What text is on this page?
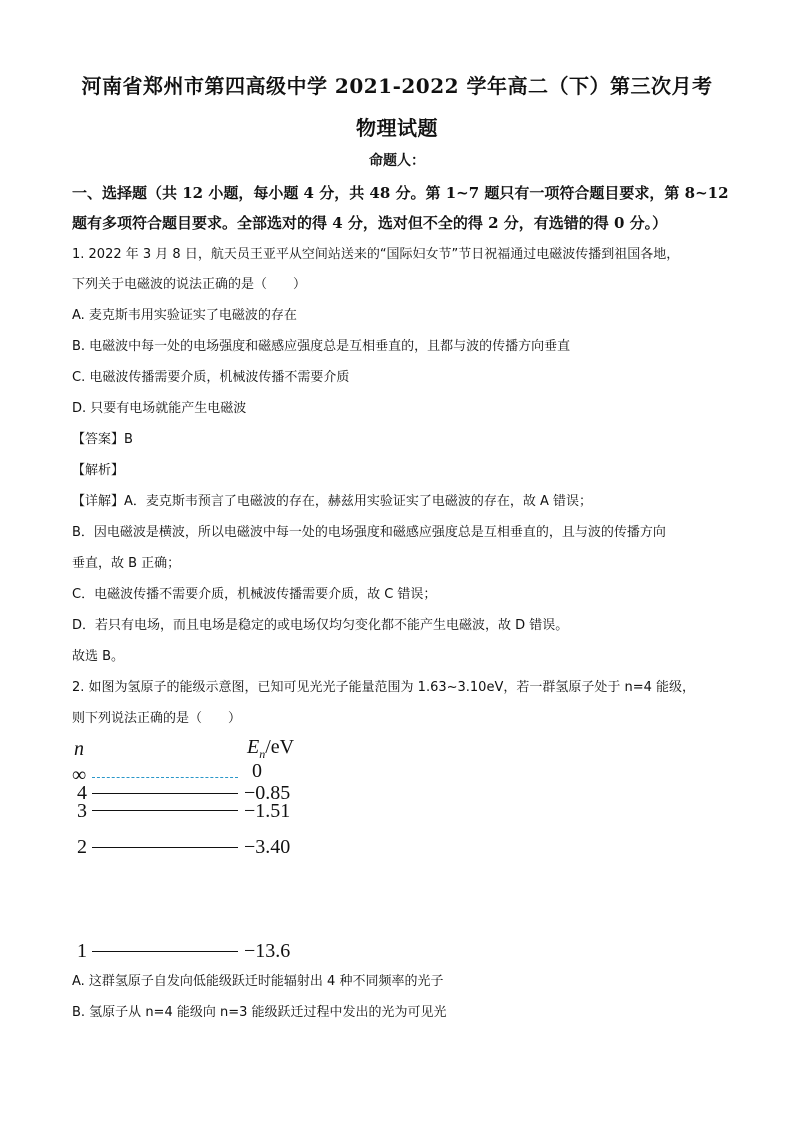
河南省郑州市第四高级中学 2021-2022 学年高二（下）第三次月考
物理试题
命题人：
一、选择题（共 12 小题，每小题 4 分，共 48 分。第 1~7 题只有一项符合题目要求，第 8~12
题有多项符合题目要求。全部选对的得 4 分，选对但不全的得 2 分，有选错的得 0 分。）
1. 2022 年 3 月 8 日，航天员王亚平从空间站送来的“国际妇女节”节日祝福通过电磁波传播到祖国各地，
下列关于电磁波的说法正确的是（　　）
A. 麦克斯韦用实验证实了电磁波的存在
B. 电磁波中每一处的电场强度和磁感应强度总是互相垂直的，且都与波的传播方向垂直
C. 电磁波传播需要介质，机械波传播不需要介质
D. 只要有电场就能产生电磁波
【答案】B
【解析】
【详解】A．麦克斯韦预言了电磁波的存在，赫兹用实验证实了电磁波的存在，故 A 错误；
B．因电磁波是横波，所以电磁波中每一处的电场强度和磁感应强度总是互相垂直的，且与波的传播方向
垂直，故 B 正确；
C．电磁波传播不需要介质，机械波传播需要介质，故 C 错误；
D．若只有电场，而且电场是稳定的或电场仅均匀变化都不能产生电磁波，故 D 错误。
故选 B。
2. 如图为氢原子的能级示意图，已知可见光光子能量范围为 1.63~3.10eV，若一群氢原子处于 n=4 能级，
则下列说法正确的是（　　）
n	$E_n/eV$
∞	0
4	−0.85
3	−1.51
2	−3.40
1	−13.6
A. 这群氢原子自发向低能级跃迁时能辐射出 4 种不同频率的光子
B. 氢原子从 n=4 能级向 n=3 能级跃迁过程中发出的光为可见光
